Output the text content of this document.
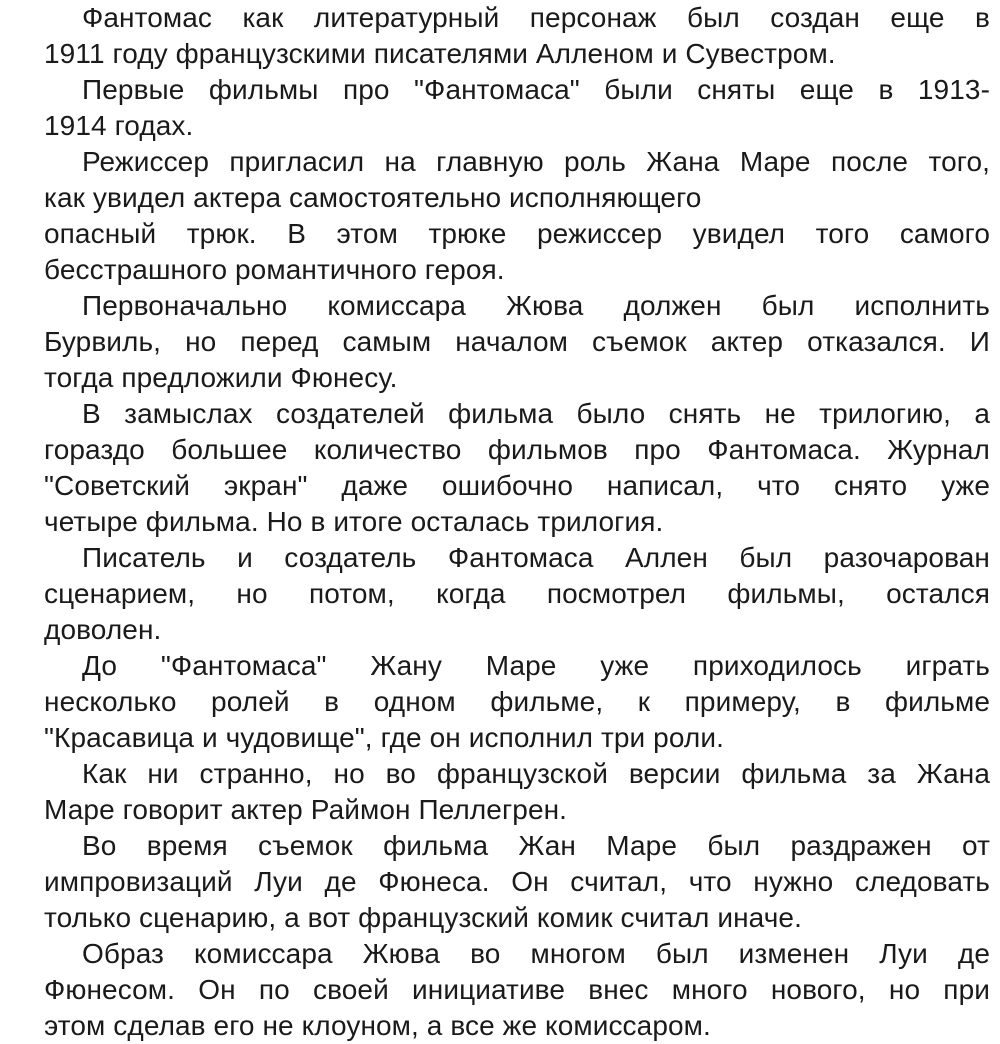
Фантомас как литературный персонаж был создан еще в
1911 году французскими писателями Алленом и Сувестром.
Первые фильмы про "Фантомаса" были сняты еще в 1913-
1914 годах.
Режиссер пригласил на главную роль Жана Маре после того,
как увидел актера самостоятельно исполняющего
опасный трюк. В этом трюке режиссер увидел того самого
бесстрашного романтичного героя.
Первоначально комиссара Жюва должен был исполнить
Бурвиль, но перед самым началом съемок актер отказался. И
тогда предложили Фюнесу.
В замыслах создателей фильма было снять не трилогию, а
гораздо большее количество фильмов про Фантомаса. Журнал
"Советский экран" даже ошибочно написал, что снято уже
четыре фильма. Но в итоге осталась трилогия.
Писатель и создатель Фантомаса Аллен был разочарован
сценарием, но потом, когда посмотрел фильмы, остался
доволен.
До "Фантомаса" Жану Маре уже приходилось играть
несколько ролей в одном фильме, к примеру, в фильме
"Красавица и чудовище", где он исполнил три роли.
Как ни странно, но во французской версии фильма за Жана
Маре говорит актер Раймон Пеллегрен.
Во время съемок фильма Жан Маре был раздражен от
импровизаций Луи де Фюнеса. Он считал, что нужно следовать
только сценарию, а вот французский комик считал иначе.
Образ комиссара Жюва во многом был изменен Луи де
Фюнесом. Он по своей инициативе внес много нового, но при
этом сделав его не клоуном, а все же комиссаром.
